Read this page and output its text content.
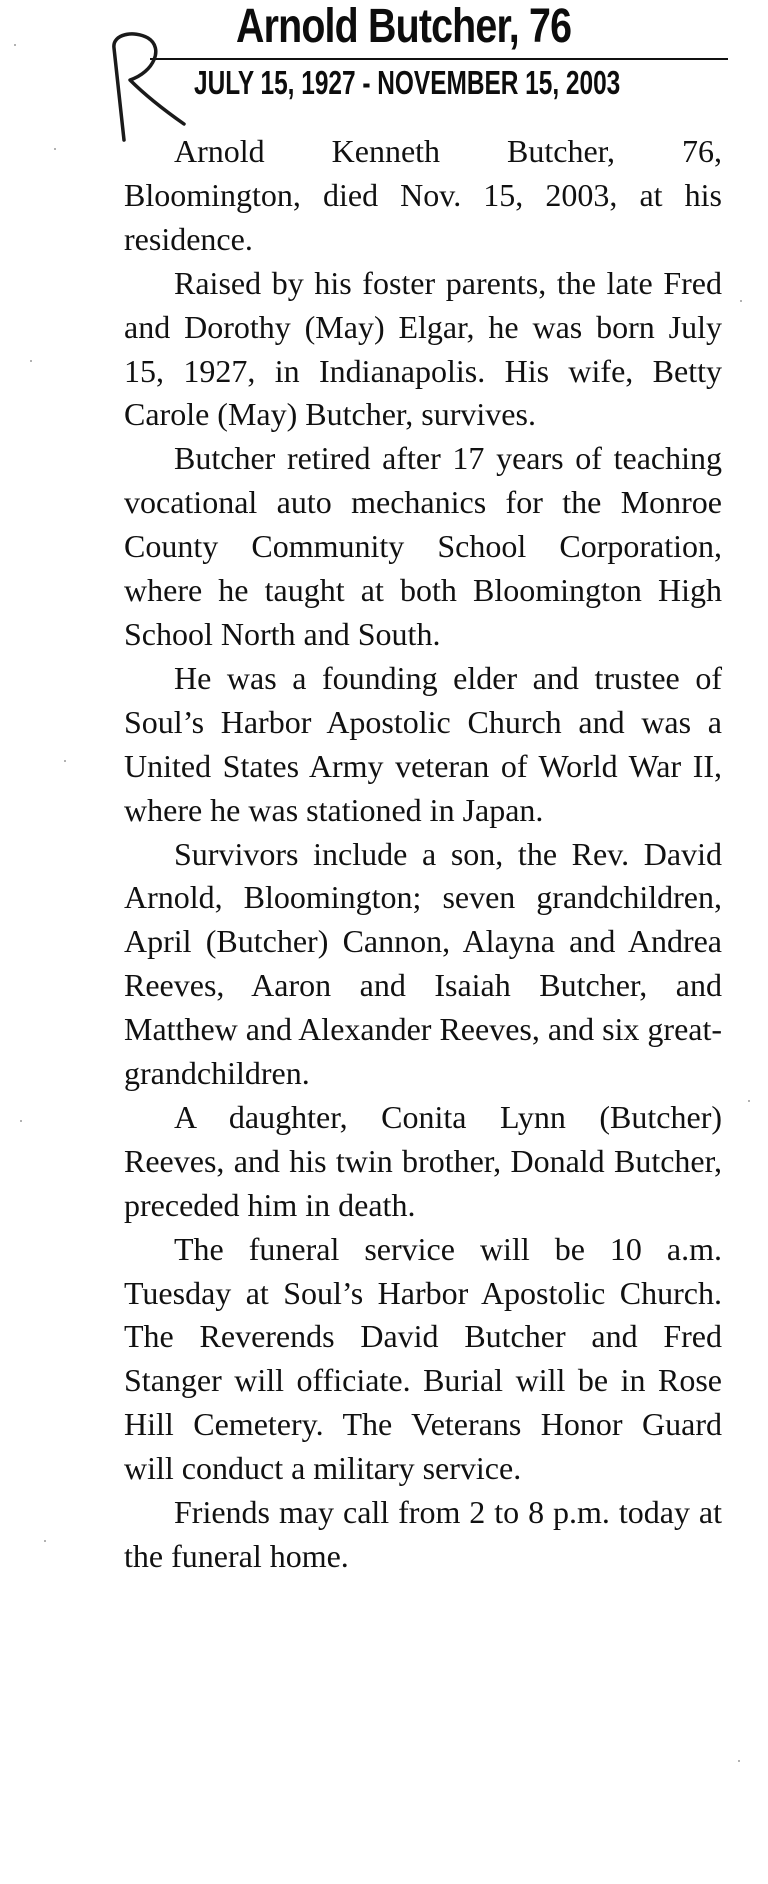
Arnold Butcher, 76
JULY 15, 1927 - NOVEMBER 15, 2003

Arnold Kenneth Butcher, 76, Bloomington, died Nov. 15, 2003, at his residence.

Raised by his foster parents, the late Fred and Dorothy (May) Elgar, he was born July 15, 1927, in Indianapolis. His wife, Betty Carole (May) Butcher, survives.

Butcher retired after 17 years of teaching vocational auto mechanics for the Monroe County Community School Corporation, where he taught at both Bloomington High School North and South.

He was a founding elder and trustee of Soul’s Harbor Apostolic Church and was a United States Army veteran of World War II, where he was stationed in Japan.

Survivors include a son, the Rev. David Arnold, Bloomington; seven grandchildren, April (Butcher) Cannon, Alayna and Andrea Reeves, Aaron and Isaiah Butcher, and Matthew and Alexander Reeves, and six great-grandchildren.

A daughter, Conita Lynn (Butcher) Reeves, and his twin brother, Donald Butcher, preceded him in death.

The funeral service will be 10 a.m. Tuesday at Soul’s Harbor Apostolic Church. The Reverends David Butcher and Fred Stanger will officiate. Burial will be in Rose Hill Cemetery. The Veterans Honor Guard will conduct a military service.

Friends may call from 2 to 8 p.m. today at the funeral home.
